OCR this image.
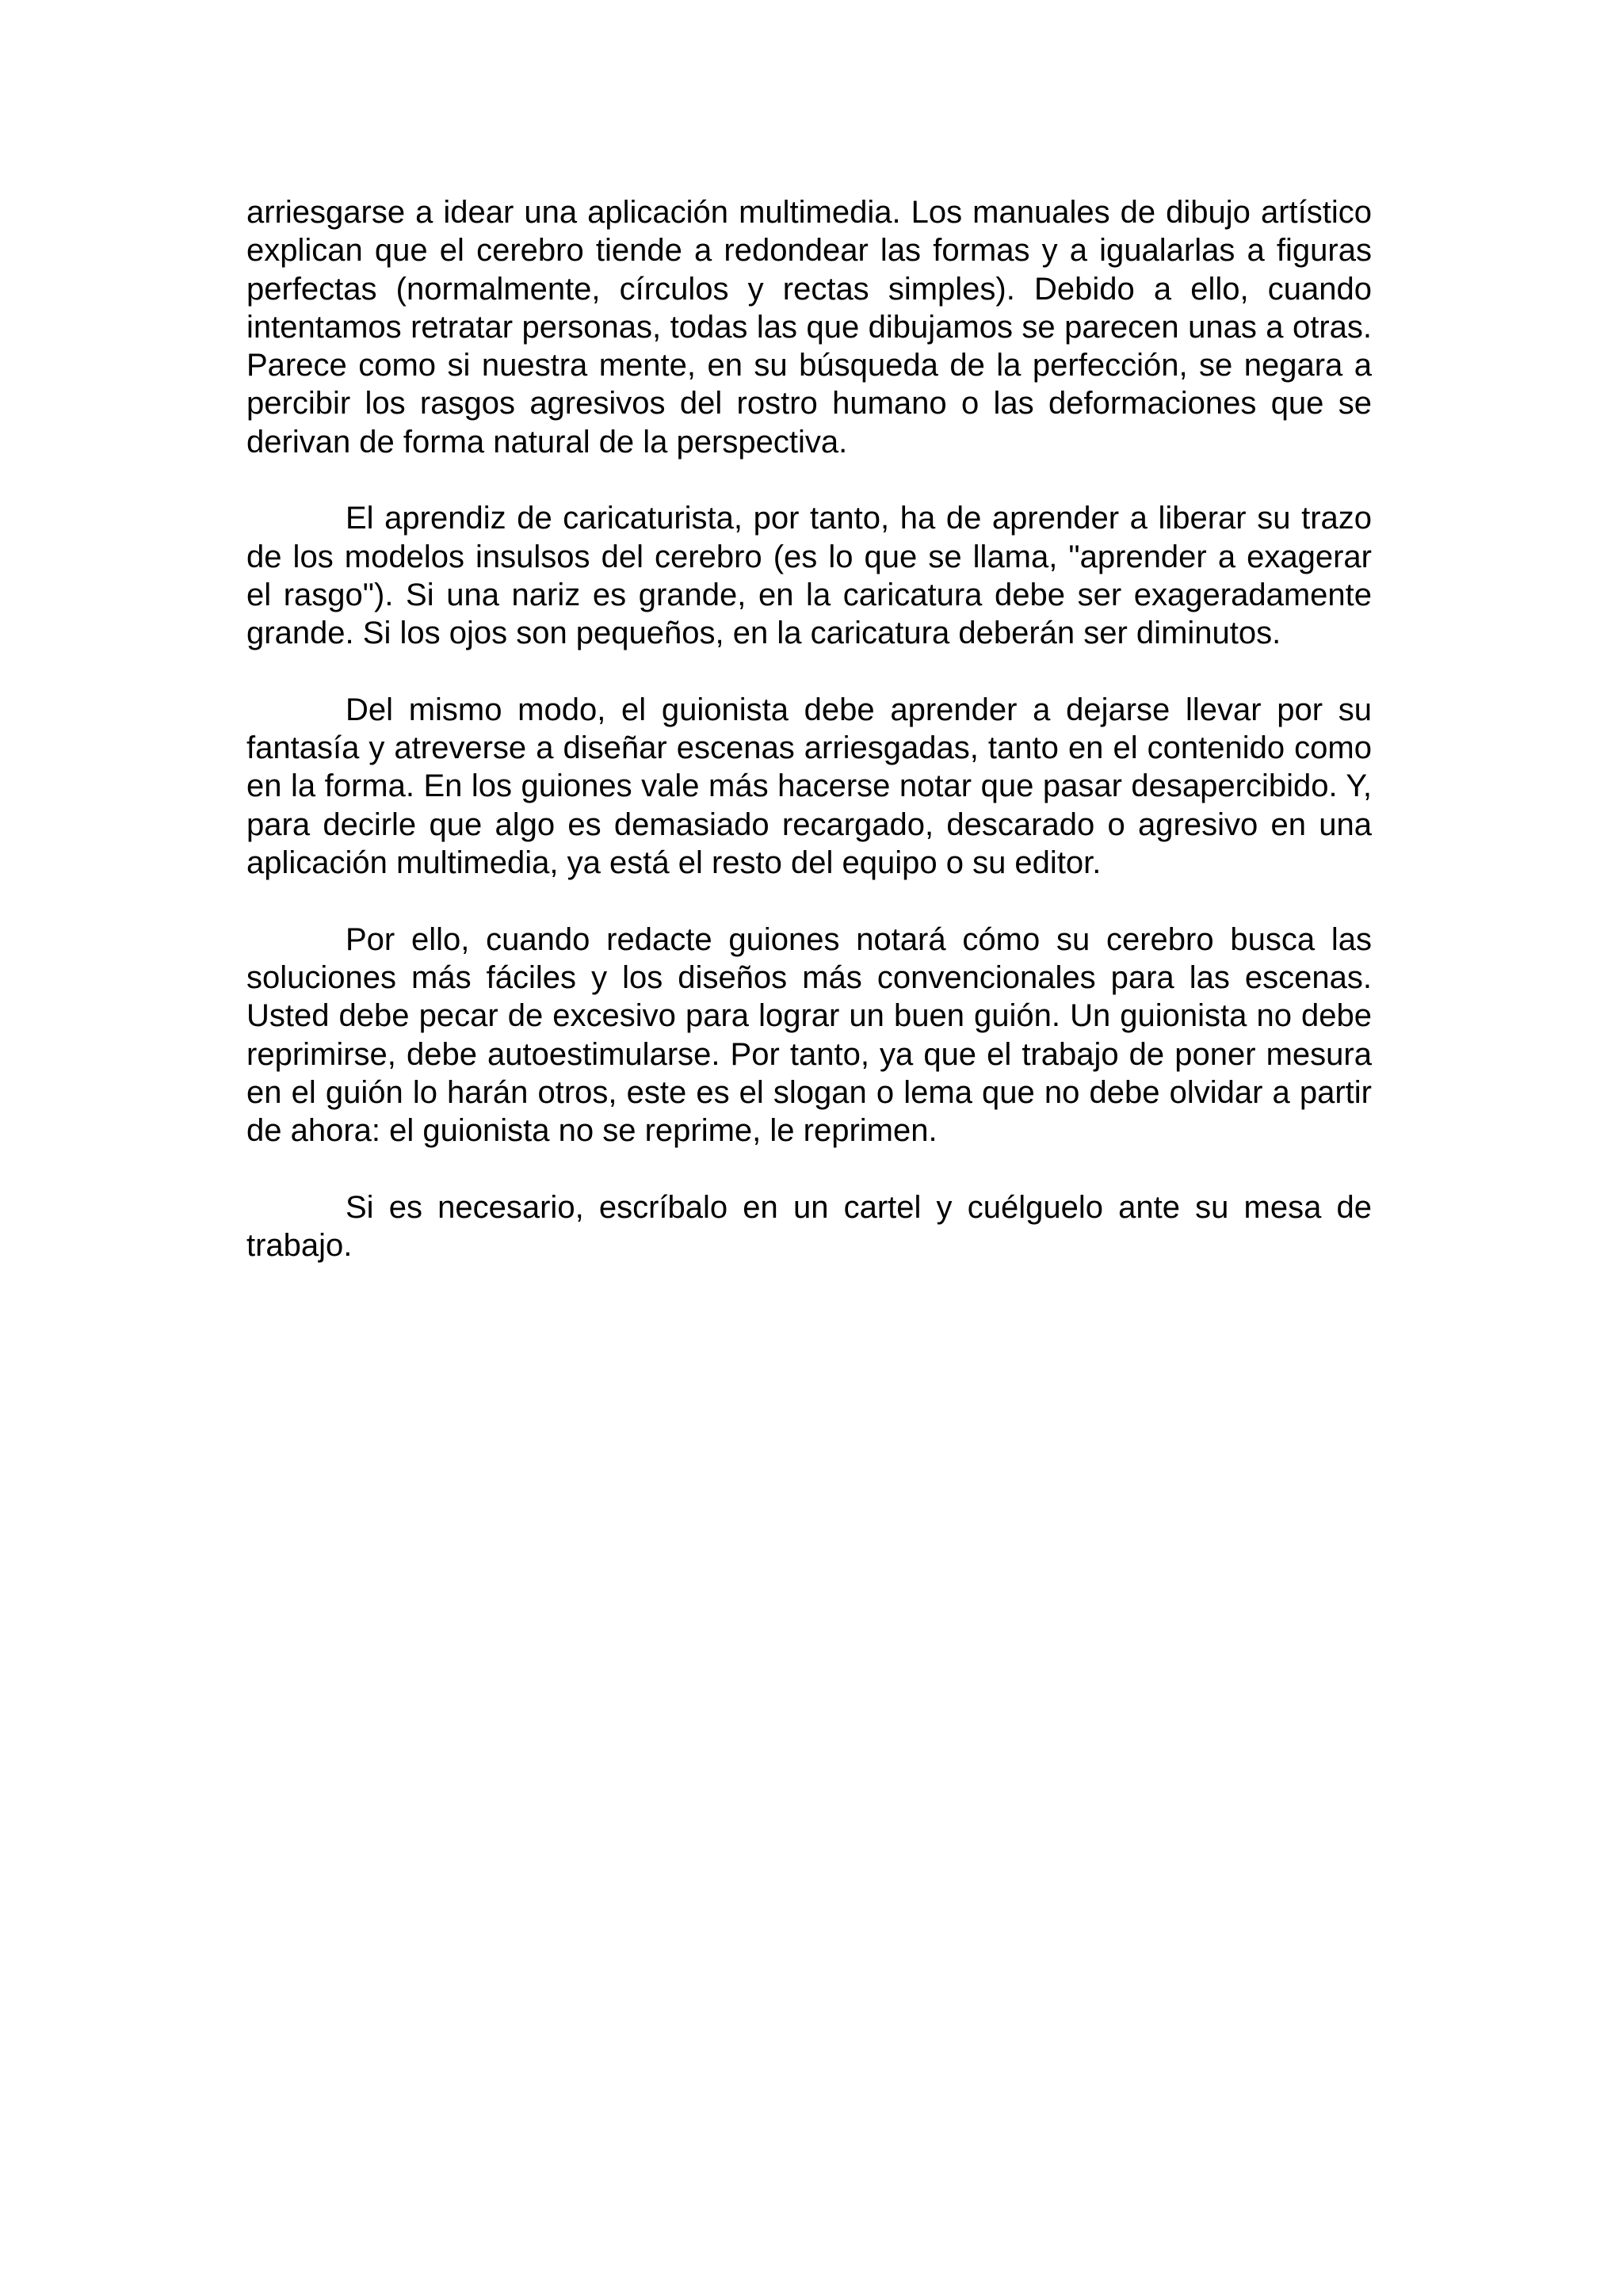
arriesgarse a idear una aplicación multimedia. Los manuales de dibujo artístico explican que el cerebro tiende a redondear las formas y a igualarlas a figuras perfectas (normalmente, círculos y rectas simples). Debido a ello, cuando intentamos retratar personas, todas las que dibujamos se parecen unas a otras. Parece como si nuestra mente, en su búsqueda de la perfección, se negara a percibir los rasgos agresivos del rostro humano o las deformaciones que se derivan de forma natural de la perspectiva.

El aprendiz de caricaturista, por tanto, ha de aprender a liberar su trazo de los modelos insulsos del cerebro (es lo que se llama, "aprender a exagerar el rasgo"). Si una nariz es grande, en la caricatura debe ser exageradamente grande. Si los ojos son pequeños, en la caricatura deberán ser diminutos.

Del mismo modo, el guionista debe aprender a dejarse llevar por su fantasía y atreverse a diseñar escenas arriesgadas, tanto en el contenido como en la forma. En los guiones vale más hacerse notar que pasar desapercibido. Y, para decirle que algo es demasiado recargado, descarado o agresivo en una aplicación multimedia, ya está el resto del equipo o su editor.

Por ello, cuando redacte guiones notará cómo su cerebro busca las soluciones más fáciles y los diseños más convencionales para las escenas. Usted debe pecar de excesivo para lograr un buen guión. Un guionista no debe reprimirse, debe autoestimularse. Por tanto, ya que el trabajo de poner mesura en el guión lo harán otros, este es el slogan o lema que no debe olvidar a partir de ahora: el guionista no se reprime, le reprimen.

Si es necesario, escríbalo en un cartel y cuélguelo ante su mesa de trabajo.
